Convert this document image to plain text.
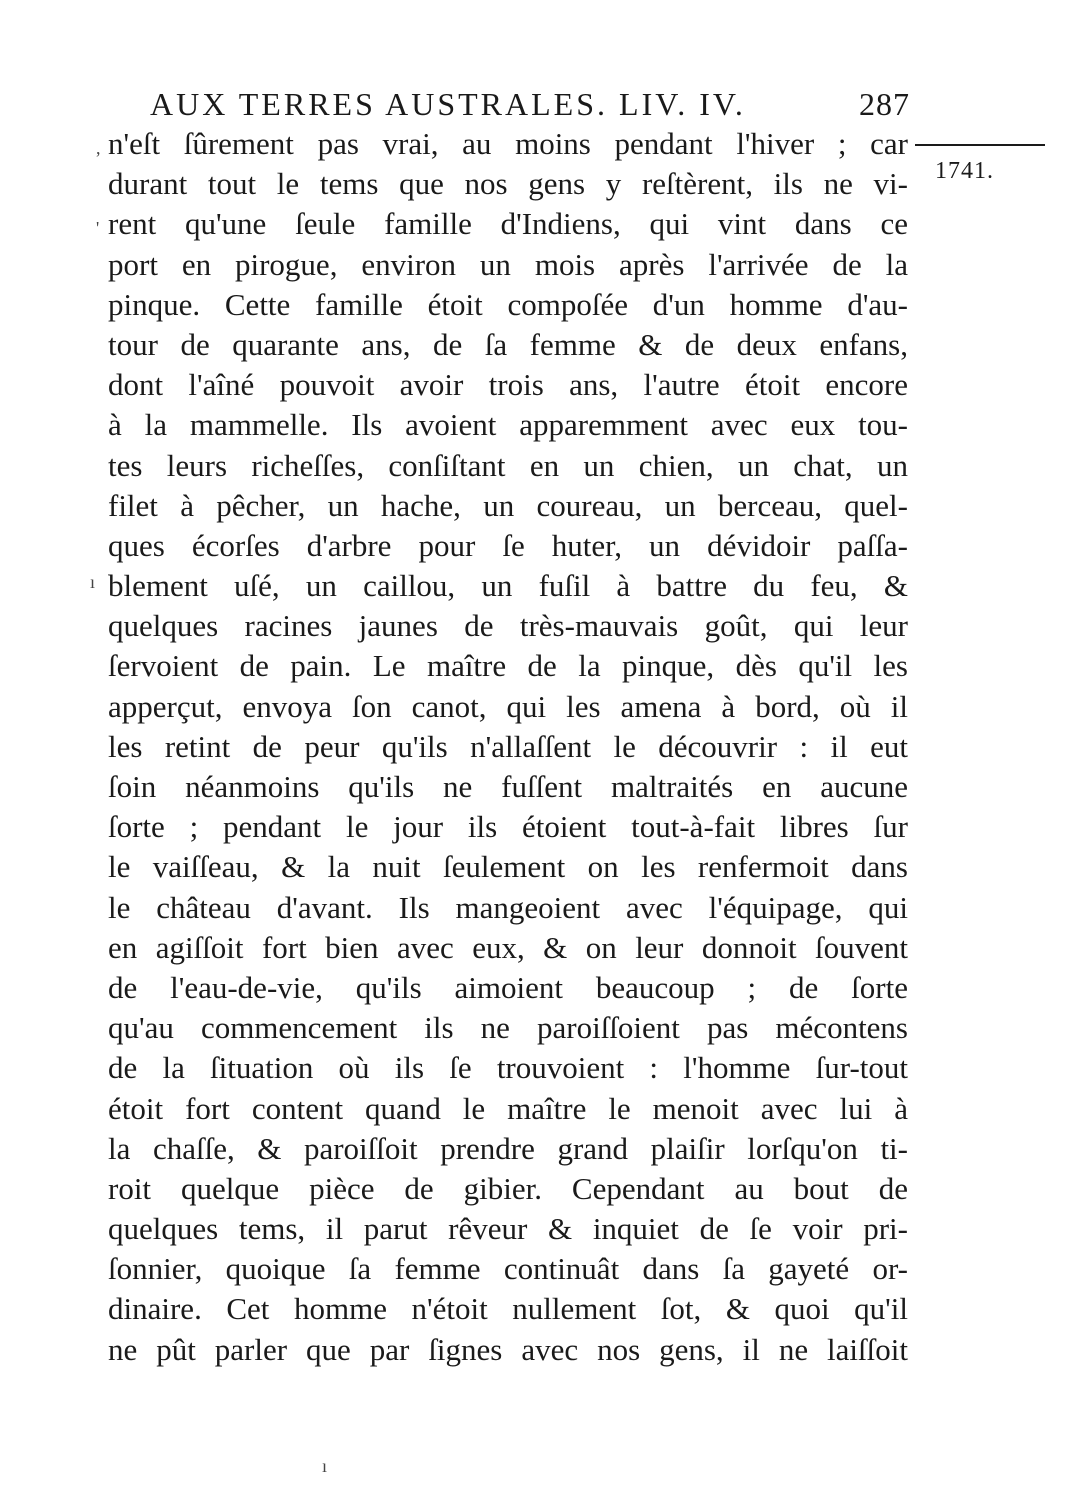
AUX TERRES AUSTRALES. LIV. IV.	287
1741.
n'eſt ſûrement pas vrai, au moins pendant l'hiver ; car
durant tout le tems que nos gens y reſtèrent, ils ne vi-
rent qu'une ſeule famille d'Indiens, qui vint dans ce
port en pirogue, environ un mois après l'arrivée de la
pinque. Cette famille étoit compoſée d'un homme d'au-
tour de quarante ans, de ſa femme & de deux enfans,
dont l'aîné pouvoit avoir trois ans, l'autre étoit encore
à la mammelle. Ils avoient apparemment avec eux tou-
tes leurs richeſſes, conſiſtant en un chien, un chat, un
filet à pêcher, un hache, un coureau, un berceau, quel-
ques écorſes d'arbre pour ſe huter, un dévidoir paſſa-
blement uſé, un caillou, un fuſil à battre du feu, &
quelques racines jaunes de très-mauvais goût, qui leur
ſervoient de pain. Le maître de la pinque, dès qu'il les
apperçut, envoya ſon canot, qui les amena à bord, où il
les retint de peur qu'ils n'allaſſent le découvrir : il eut
ſoin néanmoins qu'ils ne fuſſent maltraités en aucune
ſorte ; pendant le jour ils étoient tout-à-fait libres ſur
le vaiſſeau, & la nuit ſeulement on les renfermoit dans
le château d'avant. Ils mangeoient avec l'équipage, qui
en agiſſoit fort bien avec eux, & on leur donnoit ſouvent
de l'eau-de-vie, qu'ils aimoient beaucoup ; de ſorte
qu'au commencement ils ne paroiſſoient pas mécontens
de la ſituation où ils ſe trouvoient : l'homme ſur-tout
étoit fort content quand le maître le menoit avec lui à
la chaſſe, & paroiſſoit prendre grand plaiſir lorſqu'on ti-
roit quelque pièce de gibier. Cependant au bout de
quelques tems, il parut rêveur & inquiet de ſe voir pri-
ſonnier, quoique ſa femme continuât dans ſa gayeté or-
dinaire. Cet homme n'étoit nullement ſot, & quoi qu'il
ne pût parler que par ſignes avec nos gens, il ne laiſſoit
,
'
ı
ı
